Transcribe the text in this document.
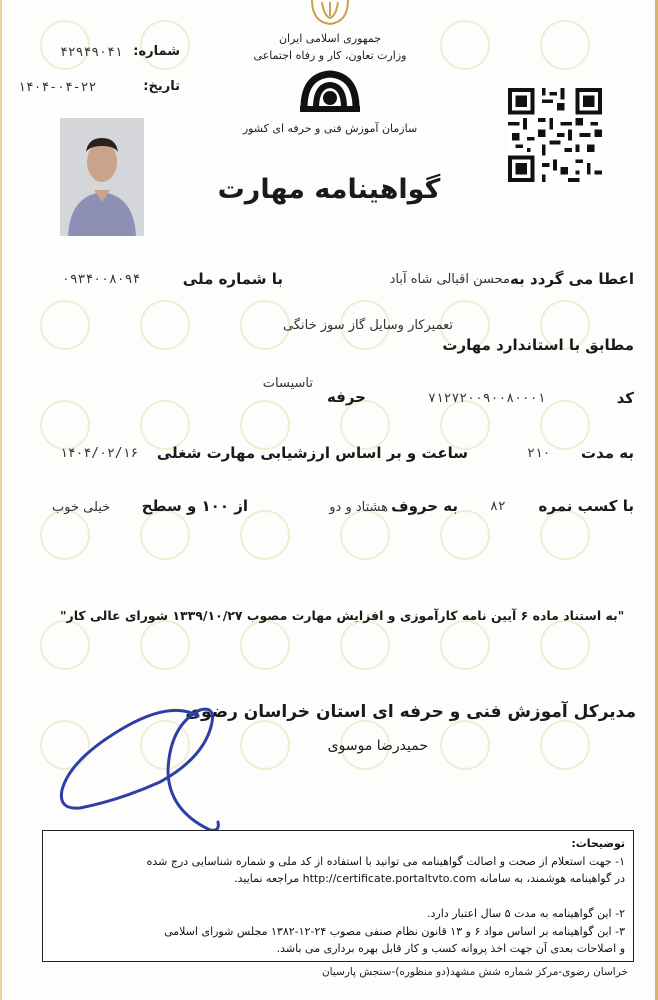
جمهوری اسلامی ایران
وزارت تعاون، کار و رفاه اجتماعی
سازمان آموزش فنی و حرفه ای کشور
شماره:
۴۲۹۴۹۰۴۱
تاریخ:
۱۴۰۴-۰۴-۲۲
گواهینامه مهارت
اعطا می گردد به
محسن اقبالی شاه آباد
با شماره ملی
۰۹۳۴۰۰۸۰۹۴
مطابق با استاندارد مهارت
تعمیرکار وسایل گاز سوز خانگی
کد
۷۱۲۷۲۰۰۹۰۰۸۰۰۰۱
حرفه
تاسیسات
به مدت
۲۱۰
ساعت و بر اساس ارزشیابی مهارت شغلی
۱۴۰۴/۰۲/۱۶
با کسب نمره
۸۲
به حروف
هشتاد و دو
از ۱۰۰ و سطح
خیلی خوب
"به استناد ماده ۶ آیین نامه کارآموزی و افزایش مهارت مصوب ۱۳۳۹/۱۰/۲۷ شورای عالی کار"
مدیرکل آموزش فنی و حرفه ای استان خراسان رضوی
حمیدرضا موسوی
توضیحات:
۱- جهت استعلام از صحت و اصالت گواهینامه می توانید با استفاده از کد ملی و شماره شناسایی درج شده
در گواهینامه هوشمند، به سامانه http://certificate.portaltvto.com مراجعه نمایید.
۲- این گواهینامه به مدت ۵ سال اعتبار دارد.
۳- این گواهینامه بر اساس مواد ۶ و ۱۳ قانون نظام صنفی مصوب ۲۴-۱۲-۱۳۸۲ مجلس شورای اسلامی
و اصلاحات بعدی آن جهت اخذ پروانه کسب و کار قابل بهره برداری می باشد.
خراسان رضوی-مرکز شماره شش مشهد(دو منظوره)-سنجش پارسیان
